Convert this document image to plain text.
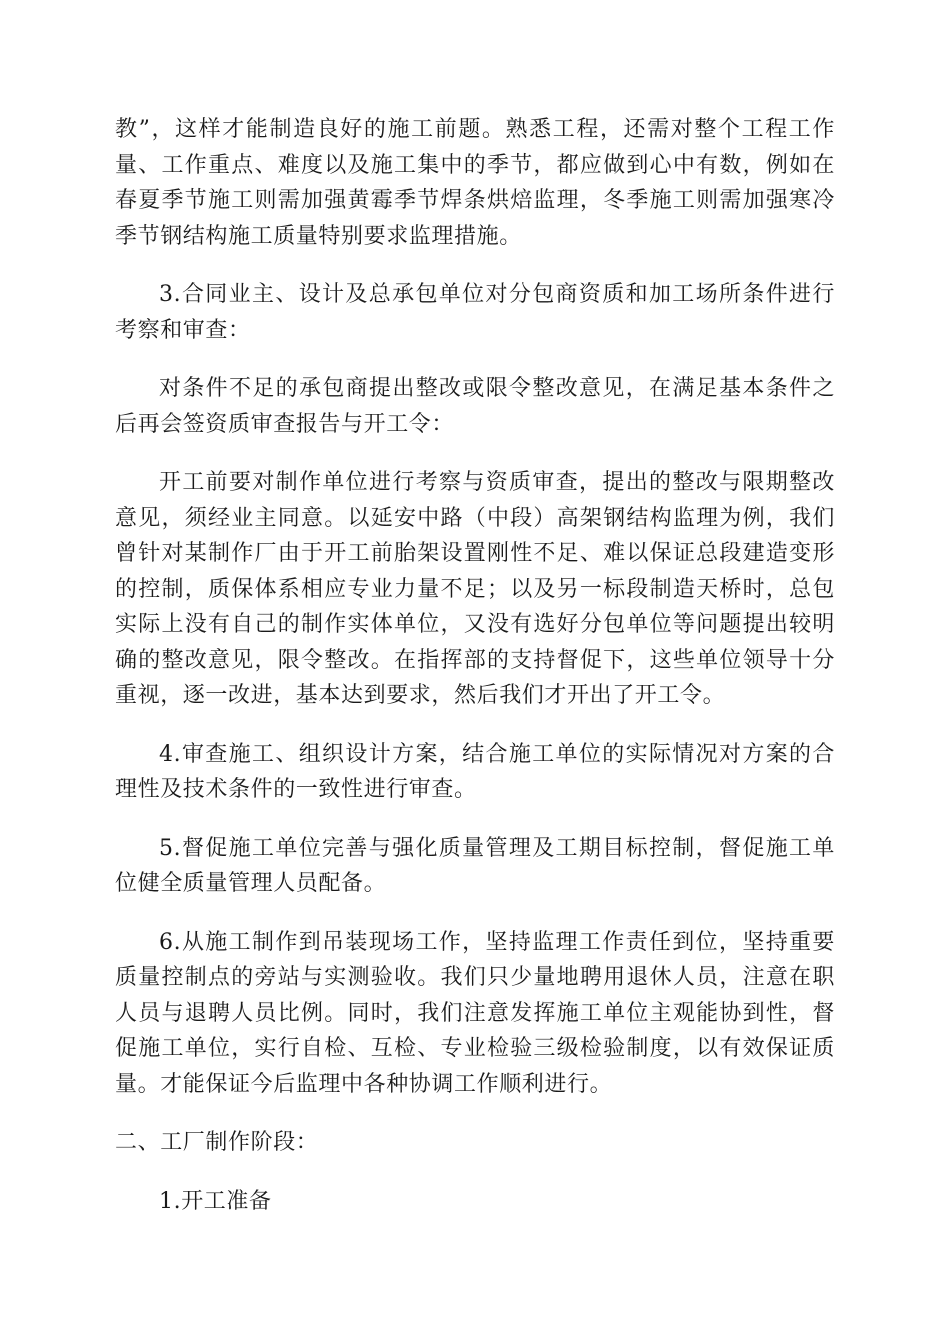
教”，这样才能制造良好的施工前题。熟悉工程，还需对整个工程工作量、工作重点、难度以及施工集中的季节，都应做到心中有数，例如在春夏季节施工则需加强黄霉季节焊条烘焙监理，冬季施工则需加强寒冷季节钢结构施工质量特别要求监理措施。

3.合同业主、设计及总承包单位对分包商资质和加工场所条件进行考察和审查：

对条件不足的承包商提出整改或限令整改意见，在满足基本条件之后再会签资质审查报告与开工令：

开工前要对制作单位进行考察与资质审查，提出的整改与限期整改意见，须经业主同意。以延安中路（中段）高架钢结构监理为例，我们曾针对某制作厂由于开工前胎架设置刚性不足、难以保证总段建造变形的控制，质保体系相应专业力量不足；以及另一标段制造天桥时，总包实际上没有自己的制作实体单位，又没有选好分包单位等问题提出较明确的整改意见，限令整改。在指挥部的支持督促下，这些单位领导十分重视，逐一改进，基本达到要求，然后我们才开出了开工令。

4.审查施工、组织设计方案，结合施工单位的实际情况对方案的合理性及技术条件的一致性进行审查。

5.督促施工单位完善与强化质量管理及工期目标控制，督促施工单位健全质量管理人员配备。

6.从施工制作到吊装现场工作，坚持监理工作责任到位，坚持重要质量控制点的旁站与实测验收。我们只少量地聘用退休人员，注意在职人员与退聘人员比例。同时，我们注意发挥施工单位主观能协到性，督促施工单位，实行自检、互检、专业检验三级检验制度，以有效保证质量。才能保证今后监理中各种协调工作顺利进行。

二、工厂制作阶段：

1.开工准备
